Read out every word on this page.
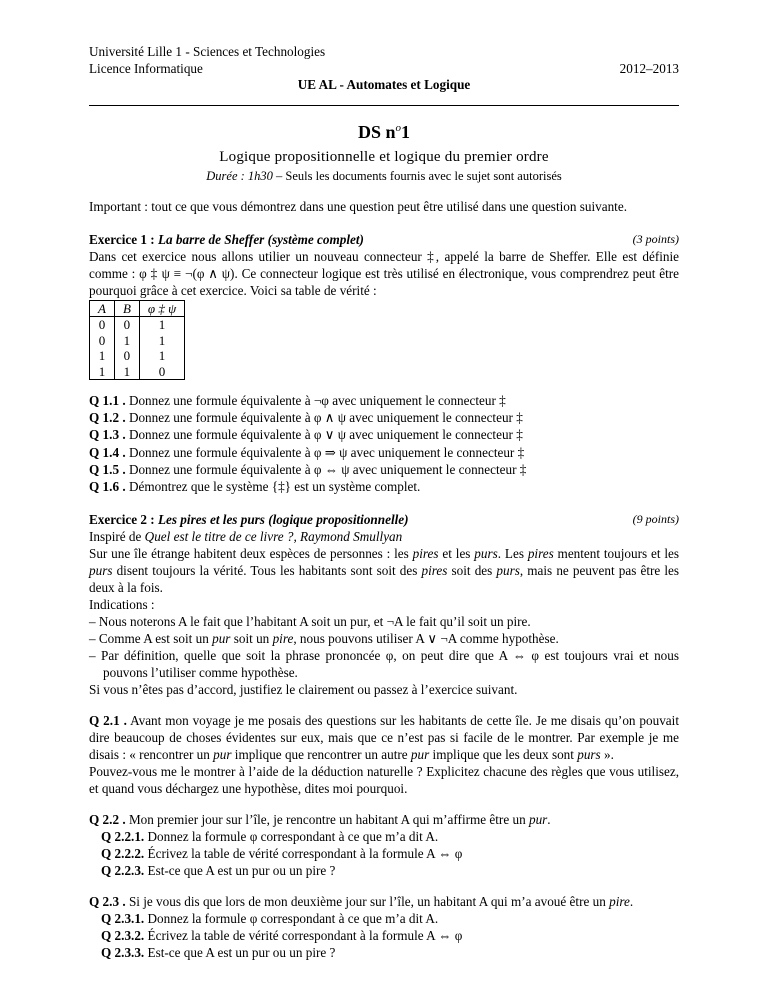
Université Lille 1 - Sciences et Technologies
Licence Informatique	2012–2013
UE AL - Automates et Logique
DS $n^o1$
Logique propositionnelle et logique du premier ordre
Durée : 1h30 – Seuls les documents fournis avec le sujet sont autorisés

Important : tout ce que vous démontrez dans une question peut être utilisé dans une question suivante.

Exercice 1 : La barre de Sheffer (système complet)	(3 points)

Dans cet exercice nous allons utilier un nouveau connecteur ‡, appelé la barre de Sheffer. Elle est définie comme : φ ‡ ψ ≡ ¬(φ ∧ ψ). Ce connecteur logique est très utilisé en électronique, vous comprendrez peut être pourquoi grâce à cet exercice. Voici sa table de vérité :

A	B	φ ‡ ψ
0	0	1
0	1	1
1	0	1
1	1	0

Q 1.1 . Donnez une formule équivalente à ¬φ avec uniquement le connecteur ‡

Q 1.2 . Donnez une formule équivalente à φ ∧ ψ avec uniquement le connecteur ‡

Q 1.3 . Donnez une formule équivalente à φ ∨ ψ avec uniquement le connecteur ‡

Q 1.4 . Donnez une formule équivalente à φ ⇒ ψ avec uniquement le connecteur ‡

Q 1.5 . Donnez une formule équivalente à φ ⇔ ψ avec uniquement le connecteur ‡

Q 1.6 . Démontrez que le système {‡} est un système complet.

Exercice 2 : Les pires et les purs (logique propositionnelle)	(9 points)

Inspiré de Quel est le titre de ce livre ?, Raymond Smullyan

Sur une île étrange habitent deux espèces de personnes : les pires et les purs. Les pires mentent toujours et les purs disent toujours la vérité. Tous les habitants sont soit des pires soit des purs, mais ne peuvent pas être les deux à la fois.

Indications :

– Nous noterons A le fait que l’habitant A soit un pur, et ¬A le fait qu’il soit un pire.

– Comme A est soit un pur soit un pire, nous pouvons utiliser A ∨ ¬A comme hypothèse.

– Par définition, quelle que soit la phrase prononcée φ, on peut dire que A ⇔ φ est toujours vrai et nous pouvons l’utiliser comme hypothèse.

Si vous n’êtes pas d’accord, justifiez le clairement ou passez à l’exercice suivant.

Q 2.1 . Avant mon voyage je me posais des questions sur les habitants de cette île. Je me disais qu’on pouvait dire beaucoup de choses évidentes sur eux, mais que ce n’est pas si facile de le montrer. Par exemple je me disais : « rencontrer un pur implique que rencontrer un autre pur implique que les deux sont purs ».

Pouvez-vous me le montrer à l’aide de la déduction naturelle ? Explicitez chacune des règles que vous utilisez, et quand vous déchargez une hypothèse, dites moi pourquoi.

Q 2.2 . Mon premier jour sur l’île, je rencontre un habitant A qui m’affirme être un pur.

Q 2.2.1. Donnez la formule φ correspondant à ce que m’a dit A.

Q 2.2.2. Écrivez la table de vérité correspondant à la formule A ⇔ φ

Q 2.2.3. Est-ce que A est un pur ou un pire ?

Q 2.3 . Si je vous dis que lors de mon deuxième jour sur l’île, un habitant A qui m’a avoué être un pire.

Q 2.3.1. Donnez la formule φ correspondant à ce que m’a dit A.

Q 2.3.2. Écrivez la table de vérité correspondant à la formule A ⇔ φ

Q 2.3.3. Est-ce que A est un pur ou un pire ?
